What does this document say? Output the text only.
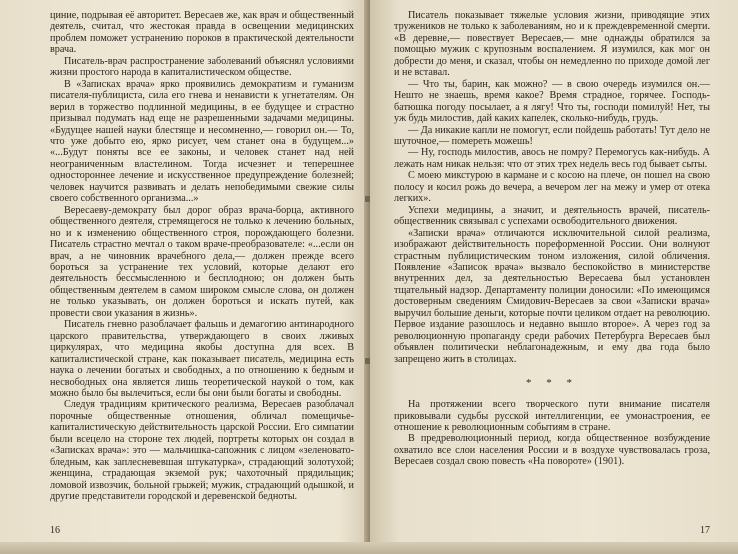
циние, подрывая её авторитет. Вересаев же, как врач и общественный деятель, считал, что жестокая правда в освещении медицинских проблем поможет устранению пороков в практической деятельности врача.

Писатель-врач распространение заболеваний объяснял условиями жизни простого народа в капиталистическом обществе.

В «Записках врача» ярко проявились демократизм и гуманизм писателя-публициста, сила его гнева и ненависти к угнетателям. Он верил в торжество подлинной медицины, в ее будущее и страстно призывал подумать над еще не разрешенными задачами медицины. «Будущее нашей науки блестяще и несомненно,— говорил он.— То, что уже добыто ею, ярко рисует, чем станет она в будущем...» «...Будут поняты все ее законы, и человек станет над ней неограниченным властелином. Тогда исчезнет и теперешнее одностороннее лечение и искусственное предупреждение болезней; человек научится развивать и делать непобедимыми свежие силы своего собственного организма...»

Вересаеву-демократу был дорог образ врача-борца, активного общественного деятеля, стремящегося не только к лечению больных, но и к изменению общественного строя, порождающего болезни. Писатель страстно мечтал о таком враче-преобразователе: «...если он врач, а не чиновник врачебного дела,— должен прежде всего бороться за устранение тех условий, которые делают его деятельность бессмысленною и бесплодною; он должен быть общественным деятелем в самом широком смысле слова, он должен не только указывать, он должен бороться и искать путей, как провести свои указания в жизнь».

Писатель гневно разоблачает фальшь и демагогию антинародного царского правительства, утверждающего в своих лживых циркулярах, что медицина якобы доступна для всех. В капиталистической стране, как показывает писатель, медицина есть наука о лечении богатых и свободных, а по отношению к бедным и несвободных она является лишь теоретической наукой о том, как можно было бы вылечиться, если бы они были богаты и свободны.

Следуя традициям критического реализма, Вересаев разоблачал порочные общественные отношения, обличал помещичье-капиталистическую действительность царской России. Его симпатии были всецело на стороне тех людей, портреты которых он создал в «Записках врача»: это — мальчишка-сапожник с лицом «зеленовато-бледным, как заплесневевшая штукатурка», страдающий золотухой; женщина, страдающая экземой рук; чахоточный прядильщик; ломовой извозчик, больной грыжей; мужик, страдающий одышкой, и другие представители городской и деревенской бедноты.

16

Писатель показывает тяжелые условия жизни, приводящие этих тружеников не только к заболеваниям, но и к преждевременной смерти. «В деревне,— повествует Вересаев,— мне однажды обратился за помощью мужик с крупозным воспалением. Я изумился, как мог он добрести до меня, и сказал, чтобы он немедленно по приходе домой лег и не вставал.

— Что ты, барин, как можно? — в свою очередь изумился он.— Нешто не знаешь, время какое? Время страдное, горячее. Господь-батюшка погоду посылает, а я лягу! Что ты, господи помилуй! Нет, ты уж будь милостив, дай каких капелек, сколько-нибудь, грудь.

— Да никакие капли не помогут, если пойдешь работать! Тут дело не шуточное,— помереть можешь!

— Ну, господь милостив, авось не помру? Перемогусь как-нибудь. А лежать нам никак нельзя: что от этих трех недель весь год бывает сыты.

С моею микстурою в кармане и с косою на плече, он пошел на свою полосу и косил рожь до вечера, а вечером лег на межу и умер от отека легких».

Успехи медицины, а значит, и деятельность врачей, писатель-общественник связывал с успехами освободительного движения.

«Записки врача» отличаются исключительной силой реализма, изображают действительность пореформенной России. Они волнуют страстным публицистическим тоном изложения, силой обличения. Появление «Записок врача» вызвало беспокойство в министерстве внутренних дел, за деятельностью Вересаева был установлен тщательный надзор. Департаменту полиции доносили: «По имеющимся достоверным сведениям Смидович-Вересаев за свои «Записки врача» выручил большие деньги, которые почти целиком отдает на революцию. Первое издание разошлось и недавно вышло второе». А через год за революционную пропаганду среди рабочих Петербурга Вересаев был объявлен политически неблагонадежным, и ему два года было запрещено жить в столицах.

* * *

На протяжении всего творческого пути внимание писателя приковывали судьбы русской интеллигенции, ее умонастроения, ее отношение к революционным событиям в стране.

В предреволюционный период, когда общественное возбуждение охватило все слои населения России и в воздухе чувствовалась гроза, Вересаев создал свою повесть «На повороте» (1901).

17
